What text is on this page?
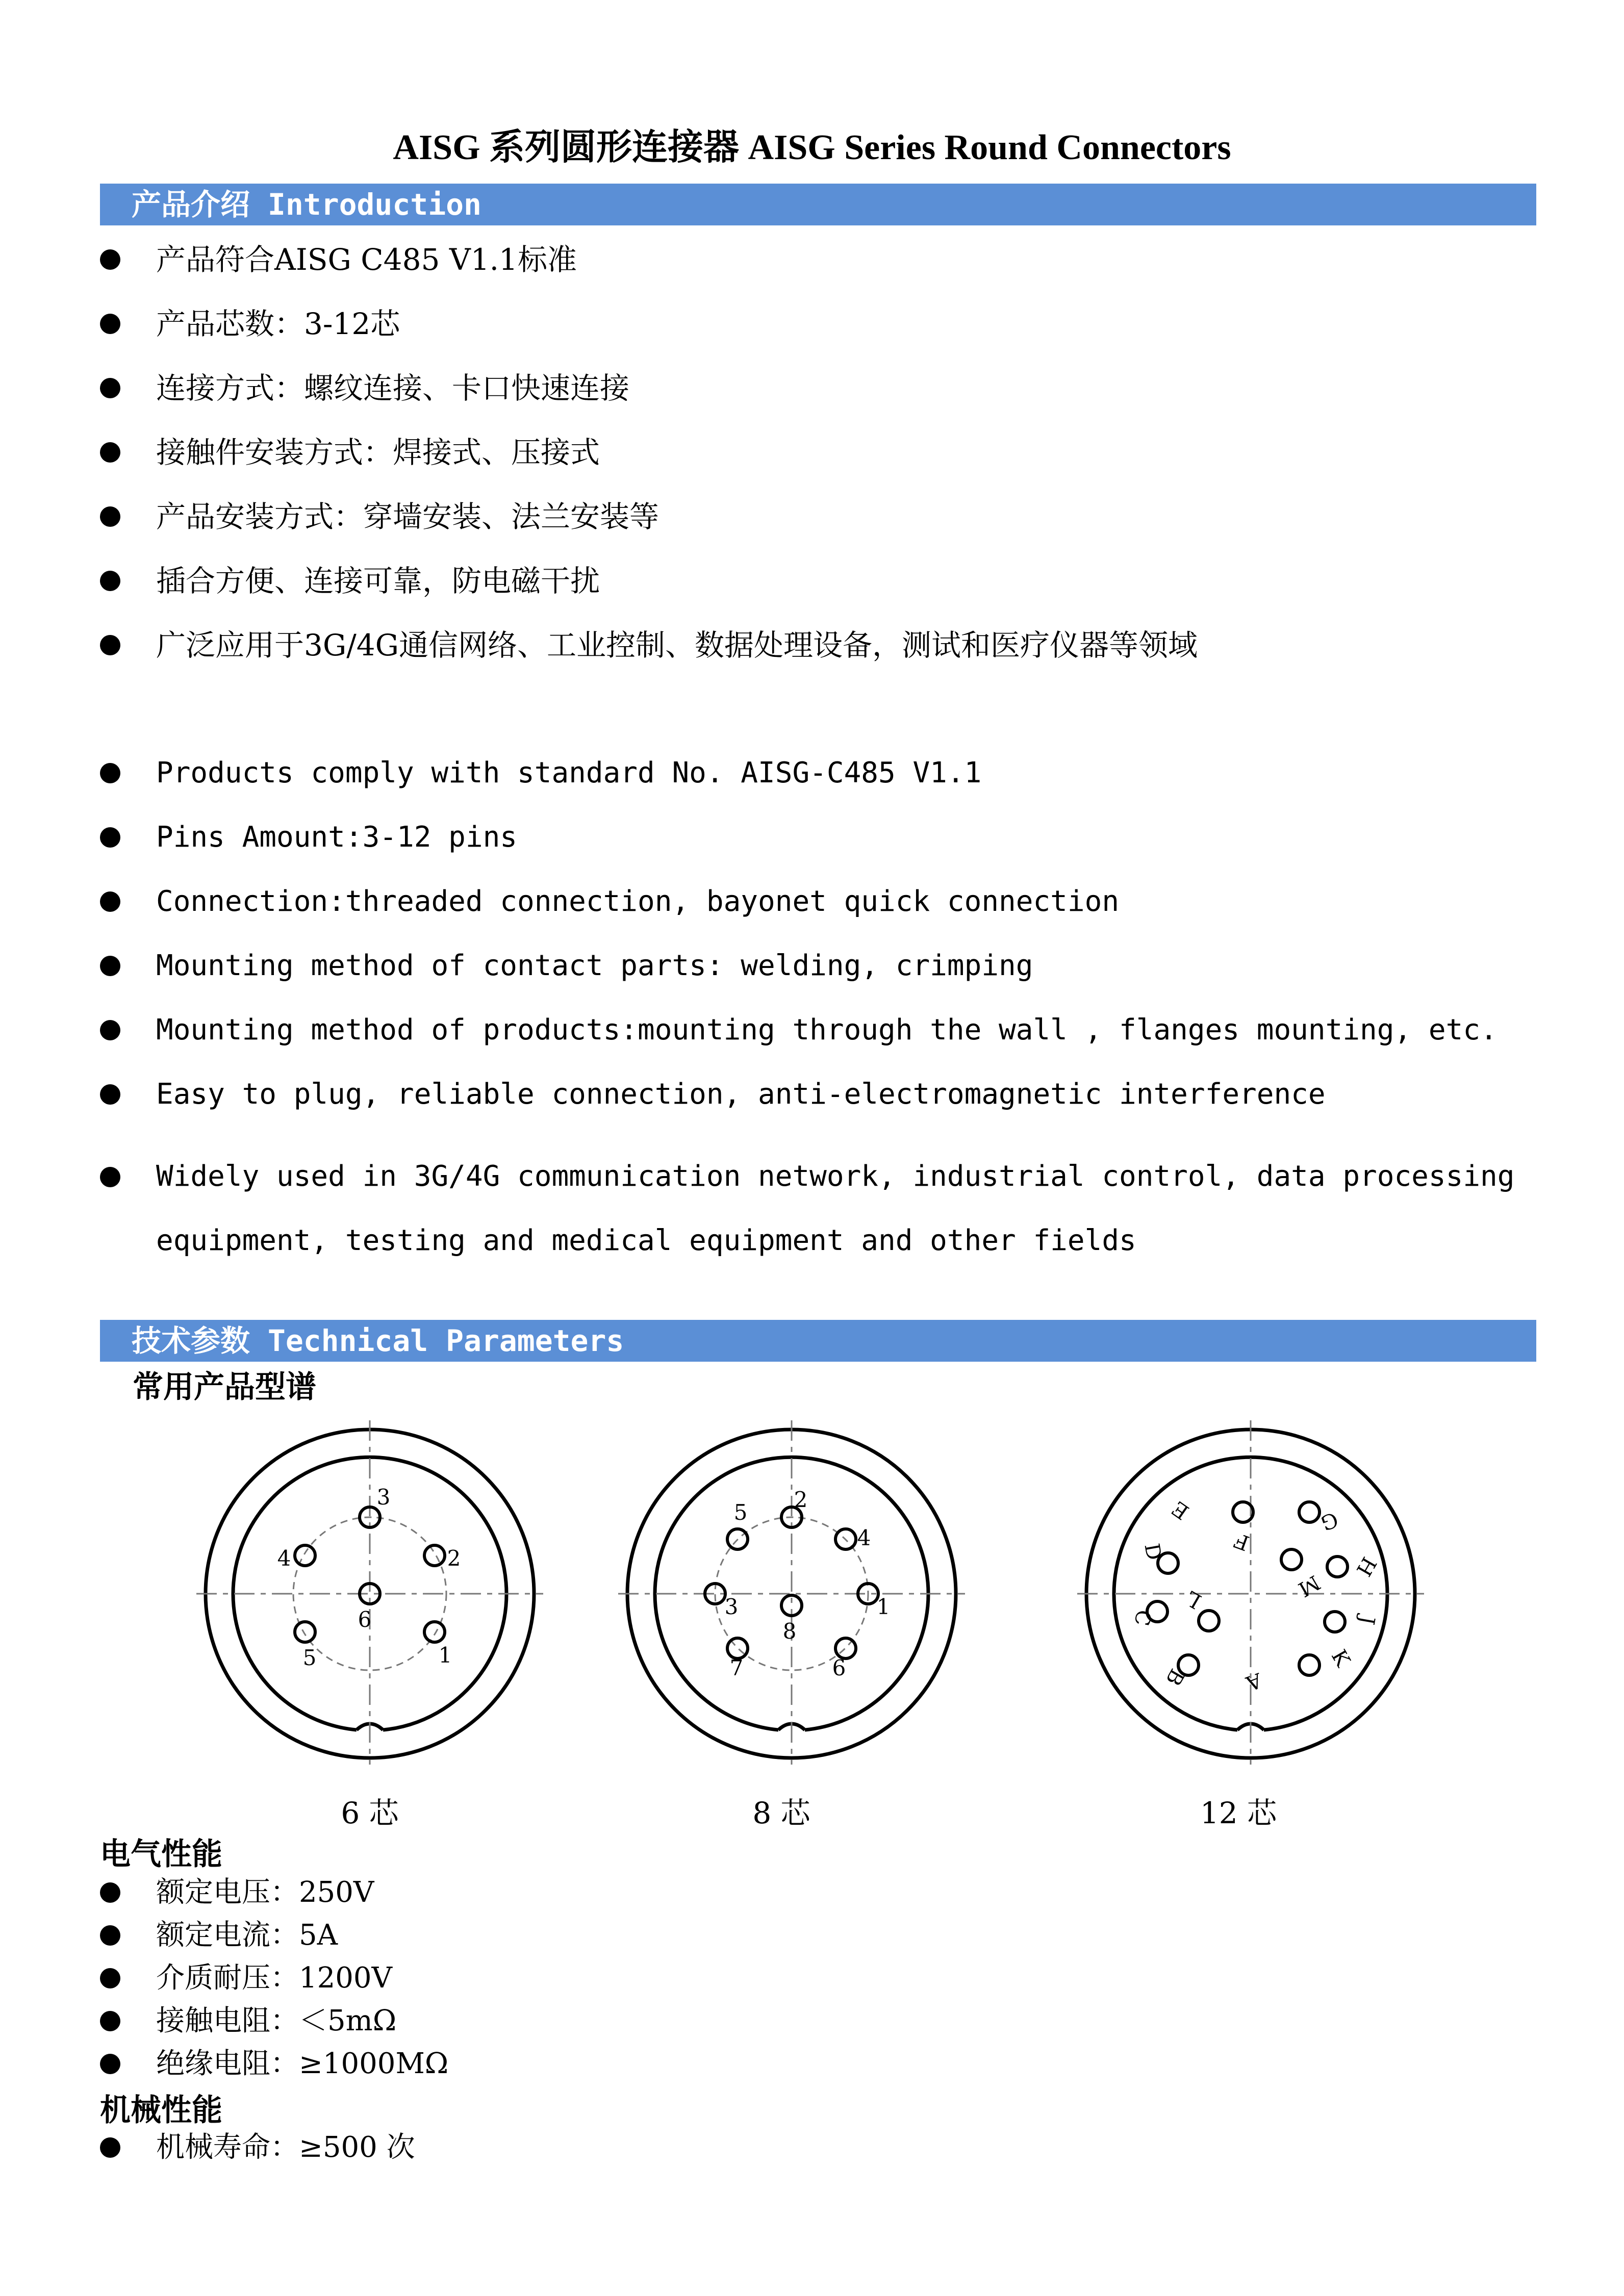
AISG 系列圆形连接器 AISG Series Round Connectors
产品介绍 Introduction
产品符合AISG C485 V1.1标准
产品芯数：3-12芯
连接方式：螺纹连接、卡口快速连接
接触件安装方式：焊接式、压接式
产品安装方式：穿墙安装、法兰安装等
插合方便、连接可靠，防电磁干扰
广泛应用于3G/4G通信网络、工业控制、数据处理设备，测试和医疗仪器等领域
Products comply with standard No. AISG-C485 V1.1
Pins Amount:3-12 pins
Connection:threaded connection, bayonet quick connection
Mounting method of contact parts: welding, crimping
Mounting method of products:mounting through the wall , flanges mounting, etc.
Easy to plug, reliable connection, anti-electromagnetic interference
Widely used in 3G/4G communication network, industrial control, data processing equipment, testing and medical equipment and other fields
技术参数 Technical Parameters
常用产品型谱
3
2
1
4
5
6
6 芯
1
2
3
4
5
6
7
8
8 芯
A
B
C
D
E
F
G
H
J
K
L	M
12 芯
电气性能
额定电压：250V
额定电流：5A
介质耐压：1200V
接触电阻：＜5mΩ
绝缘电阻：≥1000MΩ
机械性能
机械寿命：≥500 次
